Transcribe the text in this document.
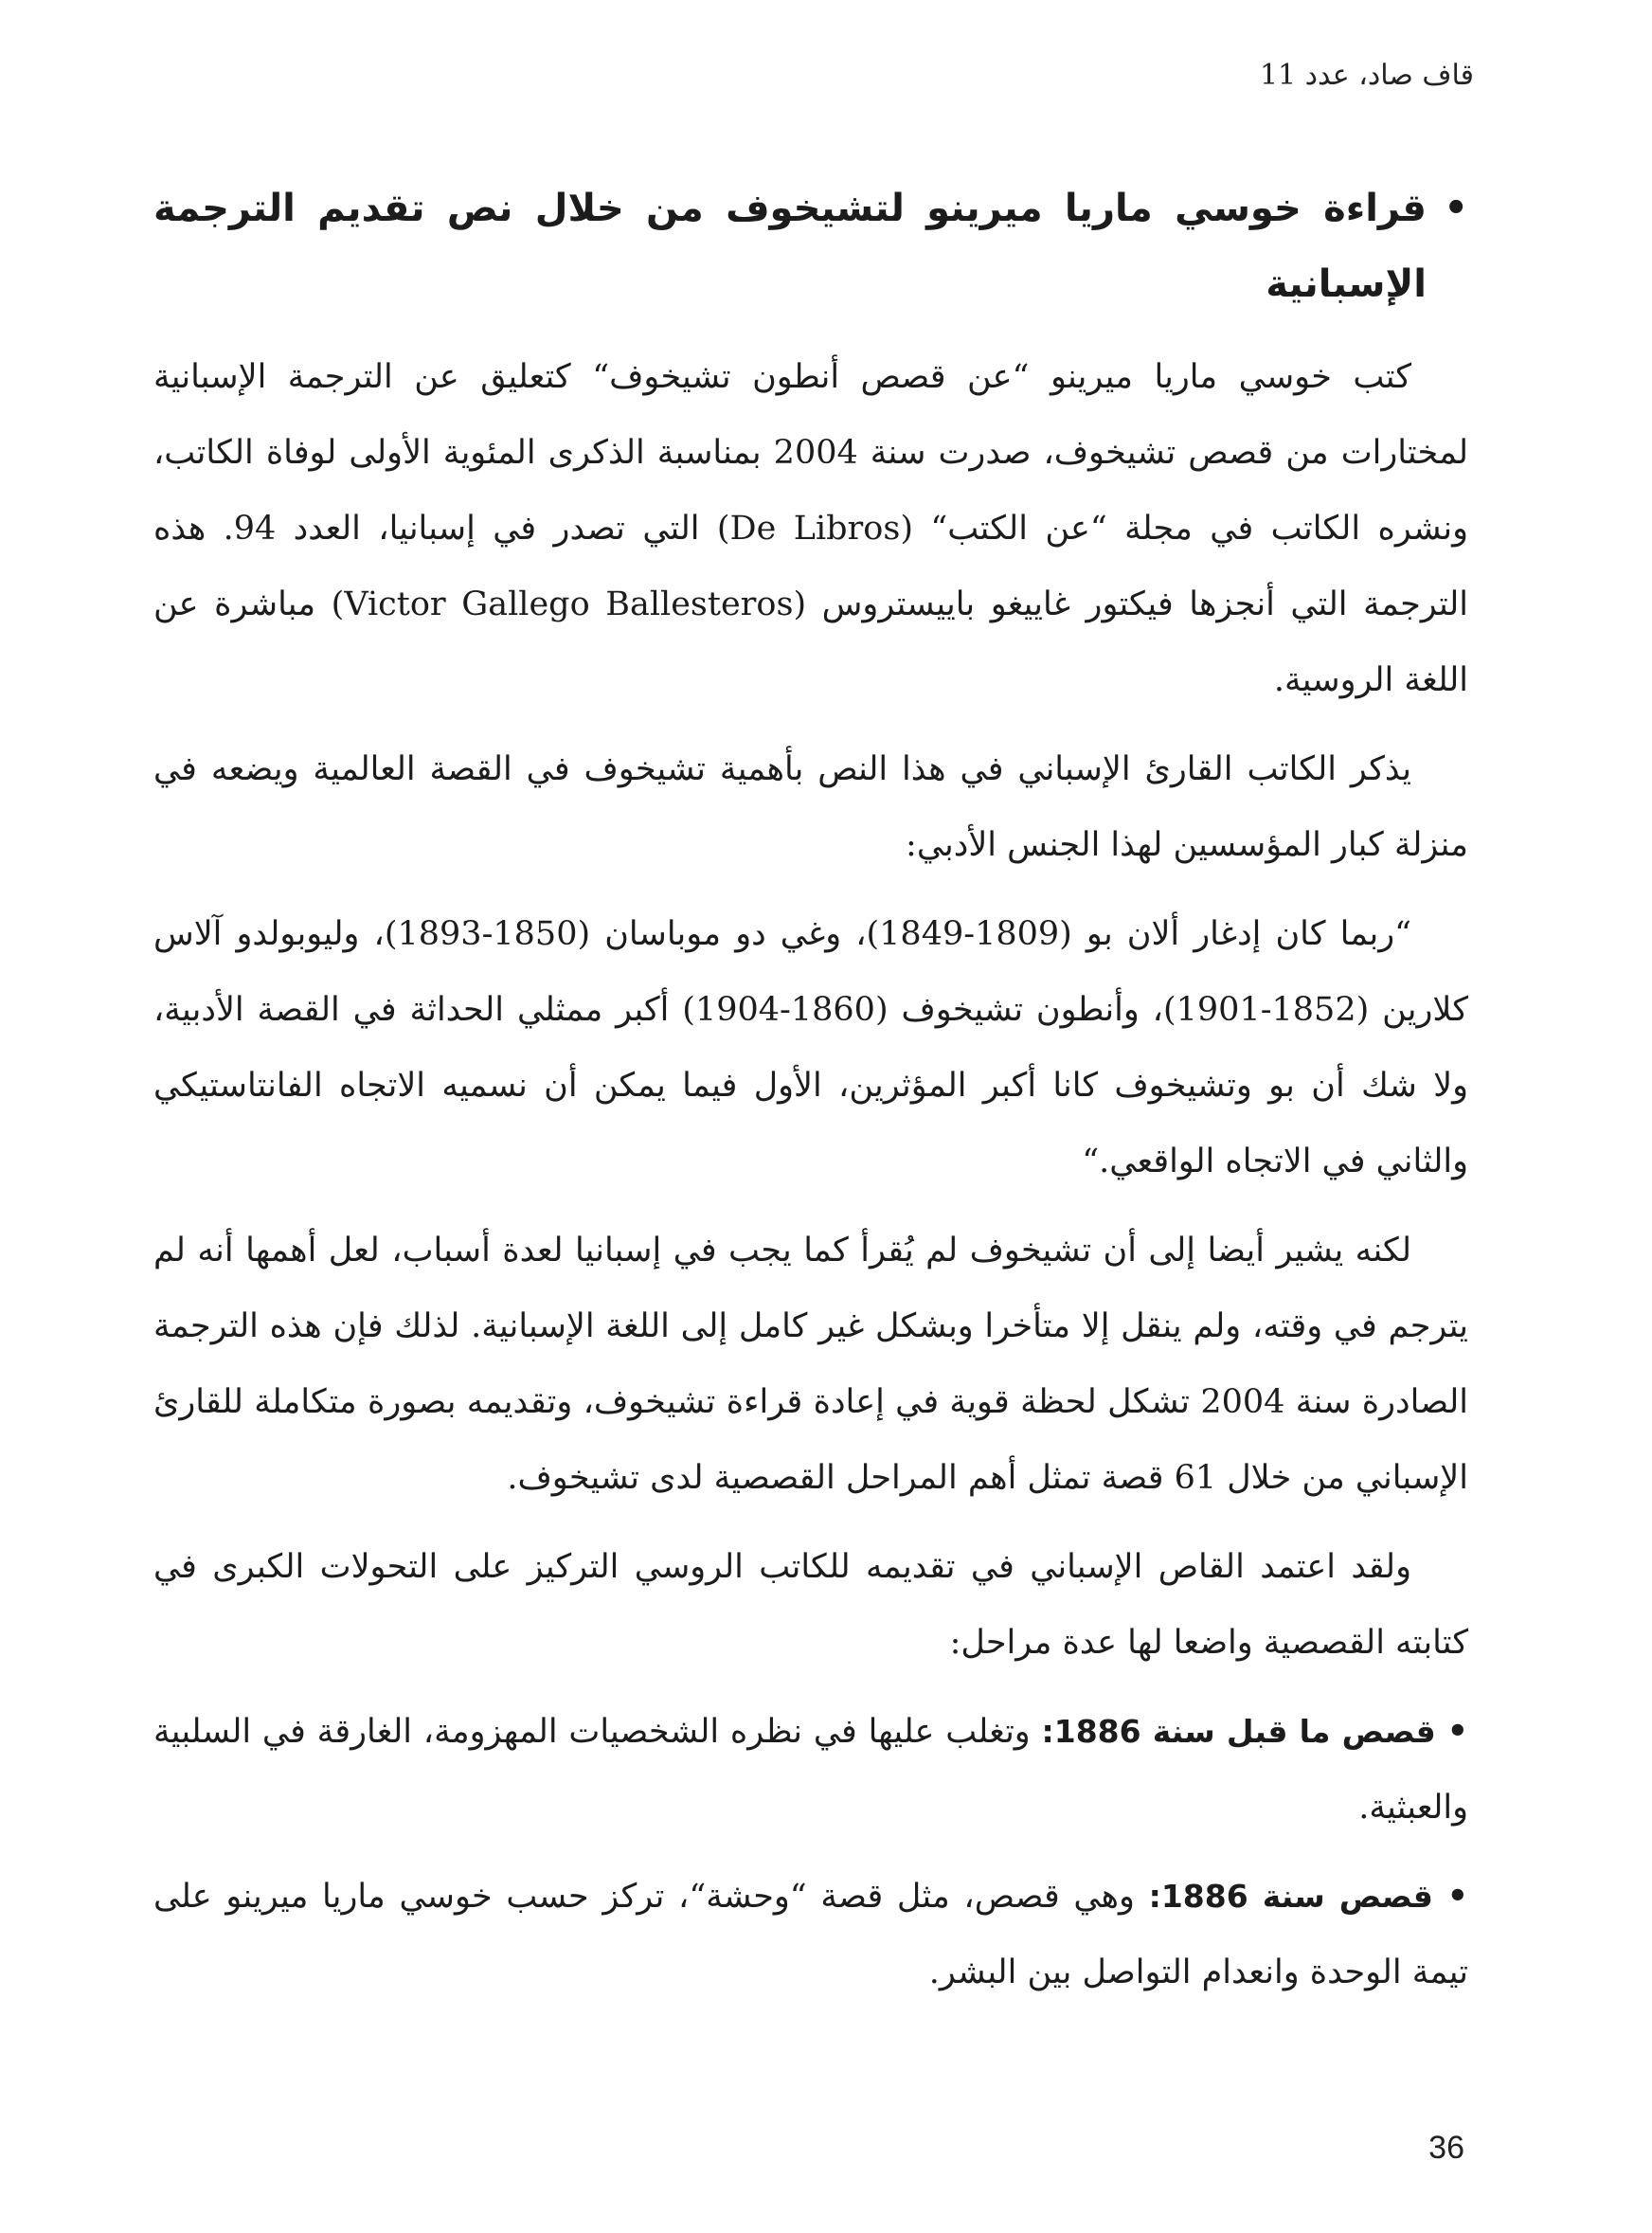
قاف صاد، عدد 11
•
قراءة خوسي ماريا ميرينو لتشيخوف من خلال نص تقديم الترجمة الإسبانية

كتب خوسي ماريا ميرينو “عن قصص أنطون تشيخوف“ كتعليق عن الترجمة الإسبانية لمختارات من قصص تشيخوف، صدرت سنة 2004 بمناسبة الذكرى المئوية الأولى لوفاة الكاتب، ونشره الكاتب في مجلة “عن الكتب“ (De Libros) التي تصدر في إسبانيا، العدد 94. هذه الترجمة التي أنجزها فيكتور غاييغو باييستروس (Victor Gallego Ballesteros) مباشرة عن اللغة الروسية.

يذكر الكاتب القارئ الإسباني في هذا النص بأهمية تشيخوف في القصة العالمية ويضعه في منزلة كبار المؤسسين لهذا الجنس الأدبي:

“ربما كان إدغار ألان بو (1809-1849)، وغي دو موباسان (1850-1893)، وليوبولدو آلاس كلارين (1852-1901)، وأنطون تشيخوف (1860-1904) أكبر ممثلي الحداثة في القصة الأدبية، ولا شك أن بو وتشيخوف كانا أكبر المؤثرين، الأول فيما يمكن أن نسميه الاتجاه الفانتاستيكي والثاني في الاتجاه الواقعي.“

لكنه يشير أيضا إلى أن تشيخوف لم يُقرأ كما يجب في إسبانيا لعدة أسباب، لعل أهمها أنه لم يترجم في وقته، ولم ينقل إلا متأخرا وبشكل غير كامل إلى اللغة الإسبانية. لذلك فإن هذه الترجمة الصادرة سنة 2004 تشكل لحظة قوية في إعادة قراءة تشيخوف، وتقديمه بصورة متكاملة للقارئ الإسباني من خلال 61 قصة تمثل أهم المراحل القصصية لدى تشيخوف.

ولقد اعتمد القاص الإسباني في تقديمه للكاتب الروسي التركيز على التحولات الكبرى في كتابته القصصية واضعا لها عدة مراحل:

• قصص ما قبل سنة 1886: وتغلب عليها في نظره الشخصيات المهزومة، الغارقة في السلبية والعبثية.

• قصص سنة 1886: وهي قصص، مثل قصة “وحشة“، تركز حسب خوسي ماريا ميرينو على تيمة الوحدة وانعدام التواصل بين البشر.

36
